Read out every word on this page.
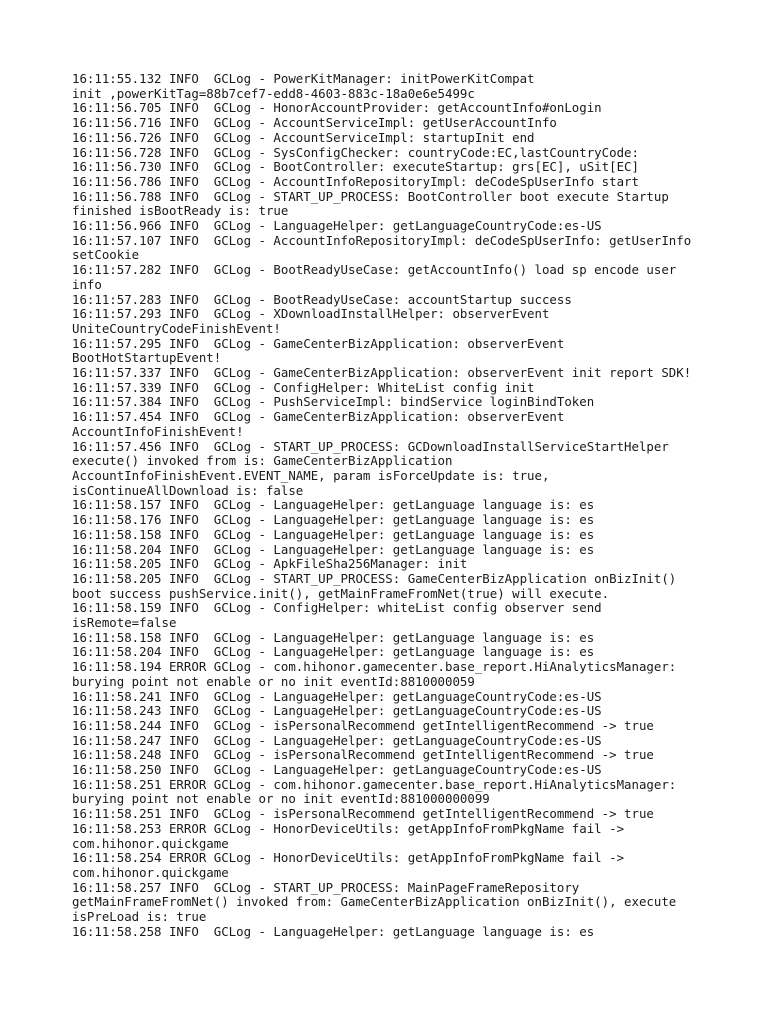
16:11:55.132 INFO  GCLog - PowerKitManager: initPowerKitCompat
init ,powerKitTag=88b7cef7-edd8-4603-883c-18a0e6e5499c
16:11:56.705 INFO  GCLog - HonorAccountProvider: getAccountInfo#onLogin
16:11:56.716 INFO  GCLog - AccountServiceImpl: getUserAccountInfo
16:11:56.726 INFO  GCLog - AccountServiceImpl: startupInit end
16:11:56.728 INFO  GCLog - SysConfigChecker: countryCode:EC,lastCountryCode:
16:11:56.730 INFO  GCLog - BootController: executeStartup: grs[EC], uSit[EC]
16:11:56.786 INFO  GCLog - AccountInfoRepositoryImpl: deCodeSpUserInfo start
16:11:56.788 INFO  GCLog - START_UP_PROCESS: BootController boot execute Startup
finished isBootReady is: true
16:11:56.966 INFO  GCLog - LanguageHelper: getLanguageCountryCode:es-US
16:11:57.107 INFO  GCLog - AccountInfoRepositoryImpl: deCodeSpUserInfo: getUserInfo
setCookie
16:11:57.282 INFO  GCLog - BootReadyUseCase: getAccountInfo() load sp encode user
info
16:11:57.283 INFO  GCLog - BootReadyUseCase: accountStartup success
16:11:57.293 INFO  GCLog - XDownloadInstallHelper: observerEvent
UniteCountryCodeFinishEvent!
16:11:57.295 INFO  GCLog - GameCenterBizApplication: observerEvent
BootHotStartupEvent!
16:11:57.337 INFO  GCLog - GameCenterBizApplication: observerEvent init report SDK!
16:11:57.339 INFO  GCLog - ConfigHelper: WhiteList config init
16:11:57.384 INFO  GCLog - PushServiceImpl: bindService loginBindToken
16:11:57.454 INFO  GCLog - GameCenterBizApplication: observerEvent
AccountInfoFinishEvent!
16:11:57.456 INFO  GCLog - START_UP_PROCESS: GCDownloadInstallServiceStartHelper
execute() invoked from is: GameCenterBizApplication
AccountInfoFinishEvent.EVENT_NAME, param isForceUpdate is: true,
isContinueAllDownload is: false
16:11:58.157 INFO  GCLog - LanguageHelper: getLanguage language is: es
16:11:58.176 INFO  GCLog - LanguageHelper: getLanguage language is: es
16:11:58.158 INFO  GCLog - LanguageHelper: getLanguage language is: es
16:11:58.204 INFO  GCLog - LanguageHelper: getLanguage language is: es
16:11:58.205 INFO  GCLog - ApkFileSha256Manager: init
16:11:58.205 INFO  GCLog - START_UP_PROCESS: GameCenterBizApplication onBizInit()
boot success pushService.init(), getMainFrameFromNet(true) will execute.
16:11:58.159 INFO  GCLog - ConfigHelper: whiteList config observer send
isRemote=false
16:11:58.158 INFO  GCLog - LanguageHelper: getLanguage language is: es
16:11:58.204 INFO  GCLog - LanguageHelper: getLanguage language is: es
16:11:58.194 ERROR GCLog - com.hihonor.gamecenter.base_report.HiAnalyticsManager:
burying point not enable or no init eventId:8810000059
16:11:58.241 INFO  GCLog - LanguageHelper: getLanguageCountryCode:es-US
16:11:58.243 INFO  GCLog - LanguageHelper: getLanguageCountryCode:es-US
16:11:58.244 INFO  GCLog - isPersonalRecommend getIntelligentRecommend -> true
16:11:58.247 INFO  GCLog - LanguageHelper: getLanguageCountryCode:es-US
16:11:58.248 INFO  GCLog - isPersonalRecommend getIntelligentRecommend -> true
16:11:58.250 INFO  GCLog - LanguageHelper: getLanguageCountryCode:es-US
16:11:58.251 ERROR GCLog - com.hihonor.gamecenter.base_report.HiAnalyticsManager:
burying point not enable or no init eventId:881000000099
16:11:58.251 INFO  GCLog - isPersonalRecommend getIntelligentRecommend -> true
16:11:58.253 ERROR GCLog - HonorDeviceUtils: getAppInfoFromPkgName fail ->
com.hihonor.quickgame
16:11:58.254 ERROR GCLog - HonorDeviceUtils: getAppInfoFromPkgName fail ->
com.hihonor.quickgame
16:11:58.257 INFO  GCLog - START_UP_PROCESS: MainPageFrameRepository
getMainFrameFromNet() invoked from: GameCenterBizApplication onBizInit(), execute
isPreLoad is: true
16:11:58.258 INFO  GCLog - LanguageHelper: getLanguage language is: es
